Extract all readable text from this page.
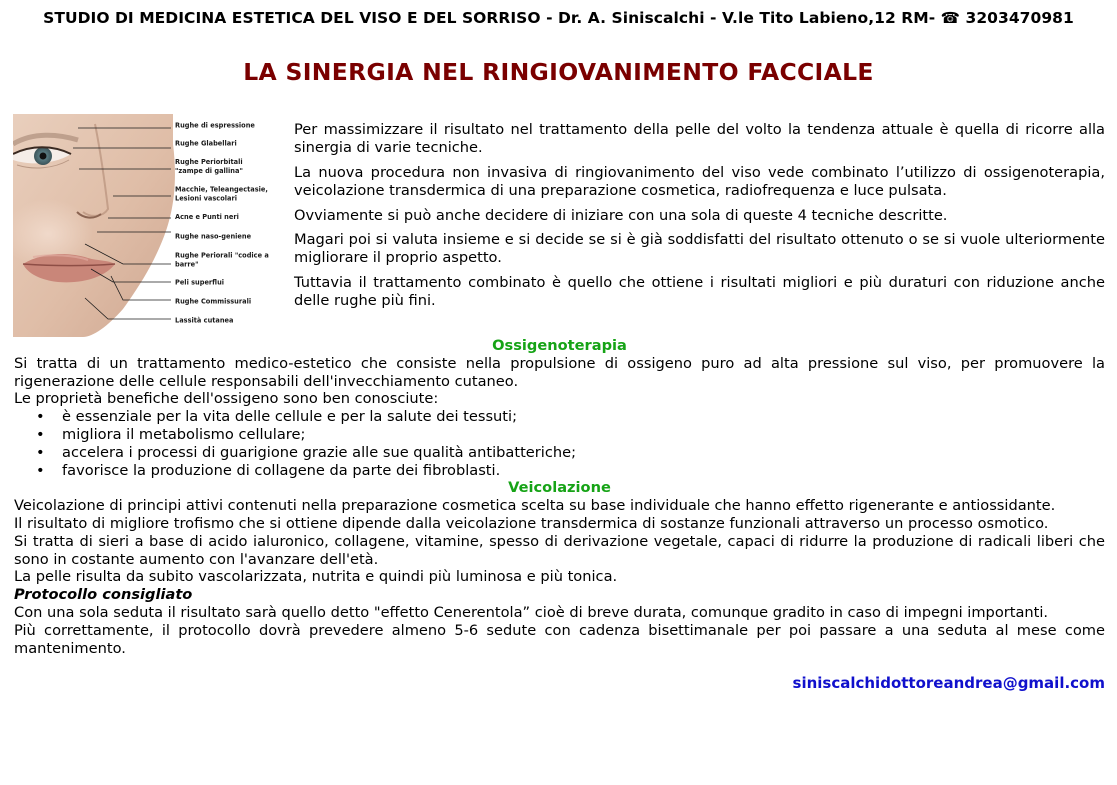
STUDIO DI MEDICINA ESTETICA DEL VISO E DEL SORRISO - Dr. A. Siniscalchi - V.le Tito Labieno,12 RM- ☎ 3203470981
LA SINERGIA NEL RINGIOVANIMENTO FACCIALE
Rughe di espressione
Rughe Glabellari
Rughe Periorbitali
"zampe di gallina"
Macchie, Teleangectasie,
Lesioni vascolari
Acne e Punti neri
Rughe naso-geniene
Rughe Periorali "codice a
barre"
Peli superflui
Rughe Commissurali
Lassità cutanea

Per massimizzare il risultato nel trattamento della pelle del volto la tendenza attuale è quella di ricorre alla sinergia di varie tecniche.

La nuova procedura non invasiva di ringiovanimento del viso vede combinato l’utilizzo di ossigenoterapia, veicolazione transdermica di una preparazione cosmetica, radiofrequenza e luce pulsata.

Ovviamente si può anche decidere di iniziare con una sola di queste 4 tecniche descritte.

Magari poi si valuta insieme e si decide se si è già soddisfatti del risultato ottenuto o se si vuole ulteriormente migliorare il proprio aspetto.

Tuttavia il trattamento combinato è quello che ottiene i risultati migliori e più duraturi con riduzione anche delle rughe più fini.

Ossigenoterapia

Si tratta di un trattamento medico-estetico che consiste nella propulsione di ossigeno puro ad alta pressione sul viso, per promuovere la rigenerazione delle cellule responsabili dell'invecchiamento cutaneo.

Le proprietà benefiche dell'ossigeno sono ben conosciute:

• è essenziale per la vita delle cellule e per la salute dei tessuti;
• migliora il metabolismo cellulare;
• accelera i processi di guarigione grazie alle sue qualità antibatteriche;
• favorisce la produzione di collagene da parte dei fibroblasti.
Veicolazione

Veicolazione di principi attivi contenuti nella preparazione cosmetica scelta su base individuale che hanno effetto rigenerante e antiossidante.

Il risultato di migliore trofismo che si ottiene dipende dalla veicolazione transdermica di sostanze funzionali attraverso un processo osmotico.

Si tratta di sieri a base di acido ialuronico, collagene, vitamine, spesso di derivazione vegetale, capaci di ridurre la produzione di radicali liberi che sono in costante aumento con l'avanzare dell'età.

La pelle risulta da subito vascolarizzata, nutrita e quindi più luminosa e più tonica.

Protocollo consigliato

Con una sola seduta il risultato sarà quello detto "effetto Cenerentola” cioè di breve durata, comunque gradito in caso di impegni importanti.

Più correttamente, il protocollo dovrà prevedere almeno 5-6 sedute con cadenza bisettimanale per poi passare a una seduta al mese come mantenimento.

siniscalchidottoreandrea@gmail.com
